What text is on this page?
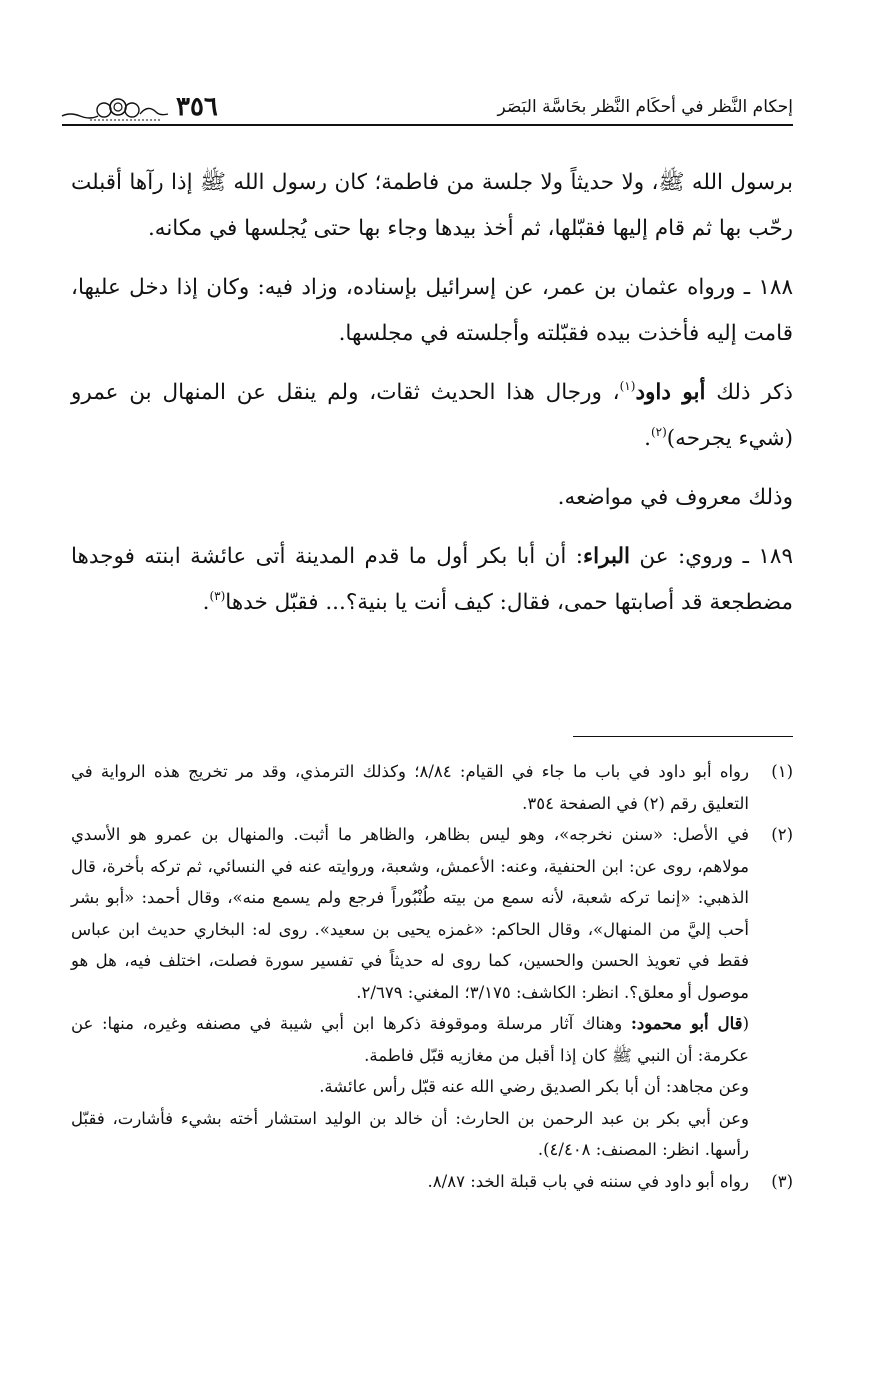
إحكام النَّظر في أحكَام النَّظر بحَاسَّة البَصَر
٣٥٦

برسول الله ﷺ، ولا حديثاً ولا جلسة من فاطمة؛ كان رسول الله ﷺ إذا رآها أقبلت رحّب بها ثم قام إليها فقبّلها، ثم أخذ بيدها وجاء بها حتى يُجلسها في مكانه.

١٨٨ ـ ورواه عثمان بن عمر، عن إسرائيل بإسناده، وزاد فيه: وكان إذا دخل عليها، قامت إليه فأخذت بيده فقبّلته وأجلسته في مجلسها.

ذكر ذلك أبو داود$^{(١)}$، ورجال هذا الحديث ثقات، ولم ينقل عن المنهال بن عمرو (شيء يجرحه)$^{(٢)}$.

وذلك معروف في مواضعه.

١٨٩ ـ وروي: عن البراء: أن أبا بكر أول ما قدم المدينة أتى عائشة ابنته فوجدها مضطجعة قد أصابتها حمى، فقال: كيف أنت يا بنية؟... فقبّل خدها$^{(٣)}$.

(١)
رواه أبو داود في باب ما جاء في القيام: ٨/٨٤؛ وكذلك الترمذي، وقد مر تخريج هذه الرواية في التعليق رقم (٢) في الصفحة ٣٥٤.

(٢)
في الأصل: «سنن نخرجه»، وهو ليس بظاهر، والظاهر ما أثبت. والمنهال بن عمرو هو الأسدي مولاهم، روى عن: ابن الحنفية، وعنه: الأعمش، وشعبة، وروايته عنه في النسائي، ثم تركه بأخرة، قال الذهبي: «إنما تركه شعبة، لأنه سمع من بيته طُنْبُوراً فرجع ولم يسمع منه»، وقال أحمد: «أبو بشر أحب إليَّ من المنهال»، وقال الحاكم: «غمزه يحيى بن سعيد». روى له: البخاري حديث ابن عباس فقط في تعويذ الحسن والحسين، كما روى له حديثاً في تفسير سورة فصلت، اختلف فيه، هل هو موصول أو معلق؟. انظر: الكاشف: ٣/١٧٥؛ المغني: ٢/٦٧٩.

(قال أبو محمود: وهناك آثار مرسلة وموقوفة ذكرها ابن أبي شيبة في مصنفه وغيره، منها: عن عكرمة: أن النبي ﷺ كان إذا أقبل من مغازيه قبّل فاطمة.

وعن مجاهد: أن أبا بكر الصديق رضي الله عنه قبّل رأس عائشة.

وعن أبي بكر بن عبد الرحمن بن الحارث: أن خالد بن الوليد استشار أخته بشيء فأشارت، فقبّل رأسها. انظر: المصنف: ٤/٤٠٨).

(٣)
رواه أبو داود في سننه في باب قبلة الخد: ٨/٨٧.
